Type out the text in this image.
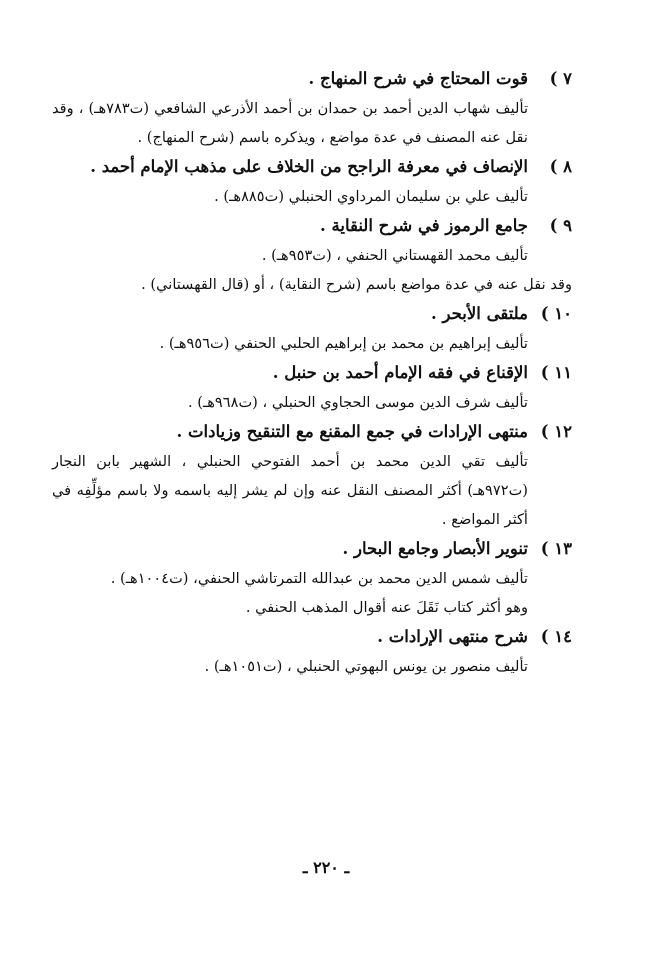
٧ )
قوت المحتاج في شرح المنهاج .

تأليف شهاب الدين أحمد بن حمدان بن أحمد الأذرعي الشافعي (ت٧٨٣هـ) ، وقد نقل عنه المصنف في عدة مواضع ، ويذكره باسم (شرح المنهاج) .

٨ )
الإنصاف في معرفة الراجح من الخلاف على مذهب الإمام أحمد .

تأليف علي بن سليمان المرداوي الحنبلي (ت٨٨٥هـ) .

٩ )
جامع الرموز في شرح النقاية .

تأليف محمد القهستاني الحنفي ، (ت٩٥٣هـ) .

وقد نقل عنه في عدة مواضع باسم (شرح النقاية) ، أو (قال القهستاني) .

١٠ )
ملتقى الأبحر .

تأليف إبراهيم بن محمد بن إبراهيم الحلبي الحنفي (ت٩٥٦هـ) .

١١ )
الإقناع في فقه الإمام أحمد بن حنبل .

تأليف شرف الدين موسى الحجاوي الحنبلي ، (ت٩٦٨هـ) .

١٢ )
منتهى الإرادات في جمع المقنع مع التنقيح وزيادات .

تأليف تقي الدين محمد بن أحمد الفتوحي الحنبلي ، الشهير بابن النجار (ت٩٧٢هـ) أكثر المصنف النقل عنه وإن لم يشر إليه باسمه ولا باسم مؤلِّفِه في أكثر المواضع .

١٣ )
تنوير الأبصار وجامع البحار .

تأليف شمس الدين محمد بن عبدالله التمرتاشي الحنفي، (ت١٠٠٤هـ) .

وهو أكثر كتاب نَقَلَ عنه أقوال المذهب الحنفي .

١٤ )
شرح منتهى الإرادات .

تأليف منصور بن يونس البهوتي الحنبلي ، (ت١٠٥١هـ) .

ـ ٢٢٠ ـ
